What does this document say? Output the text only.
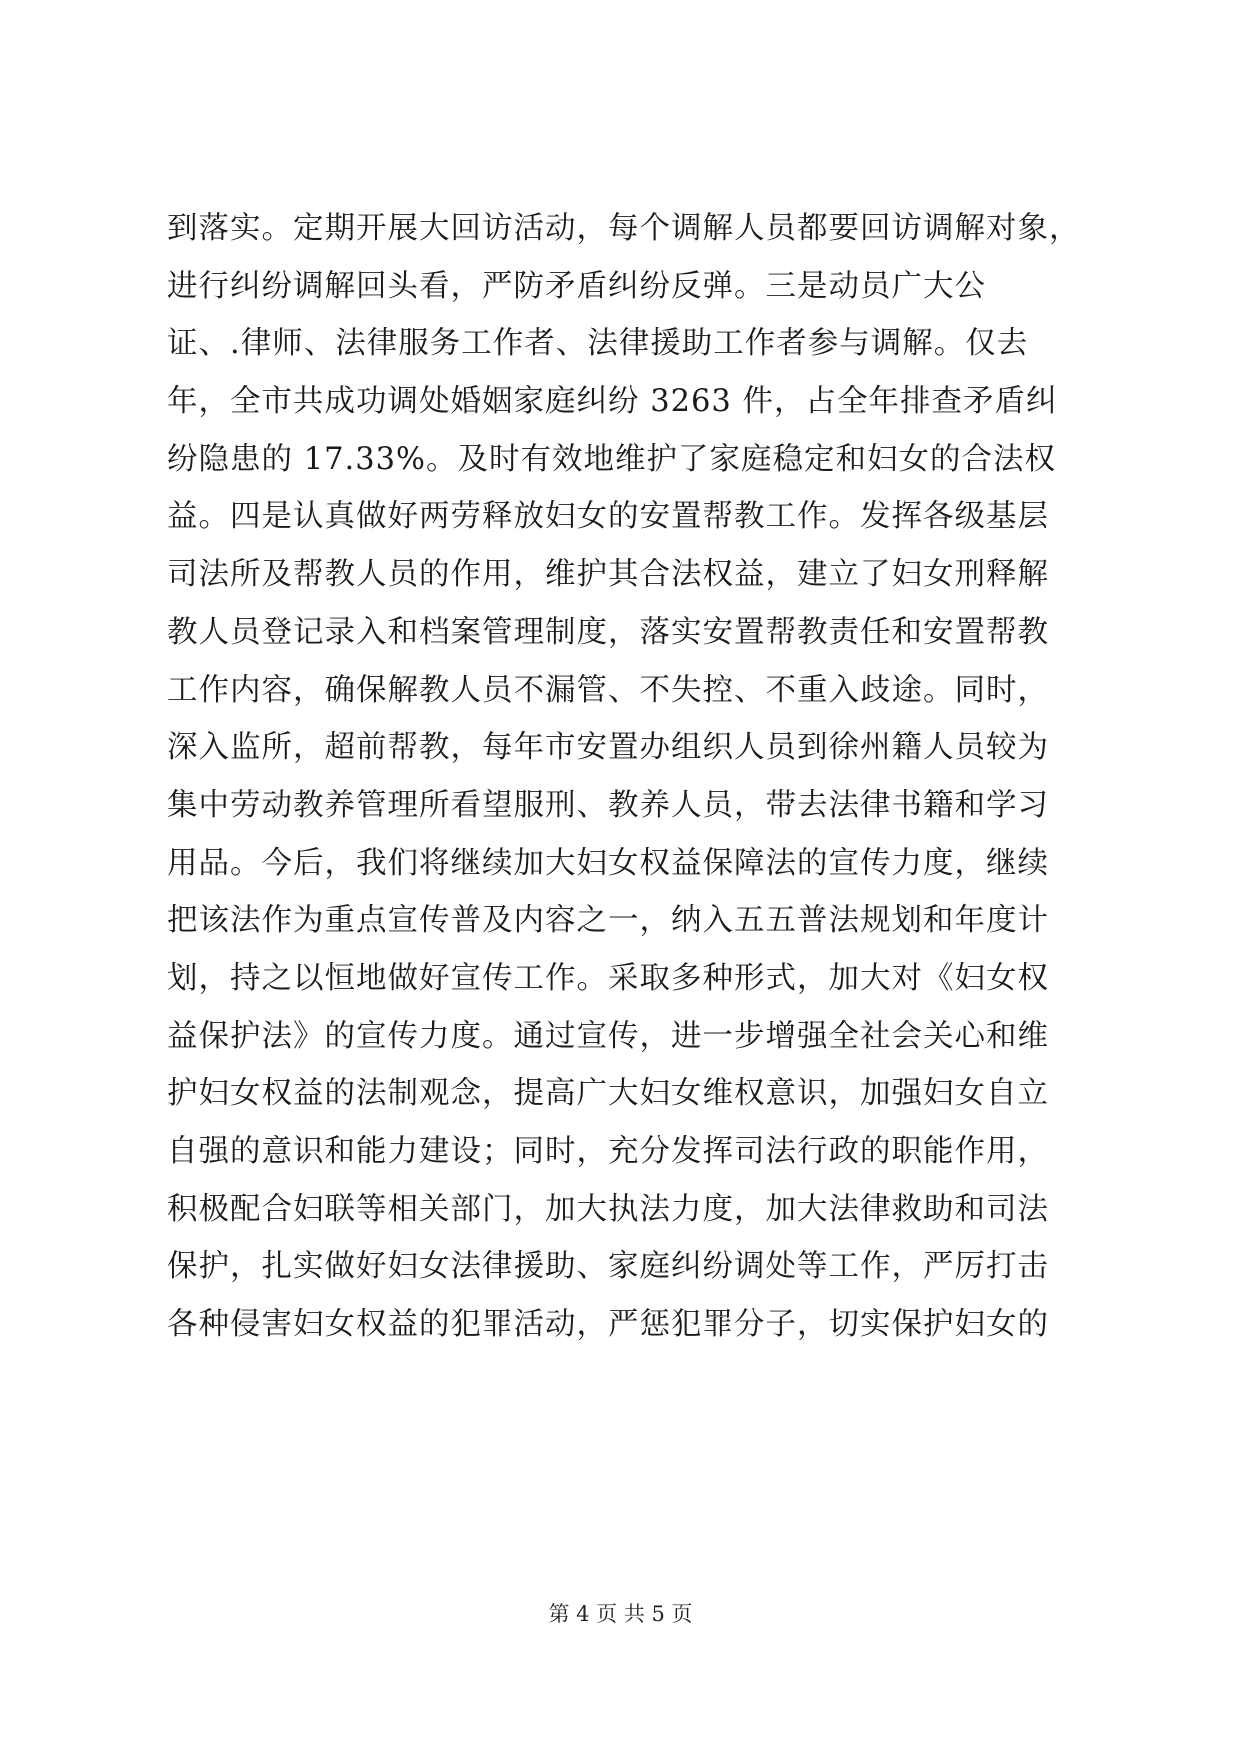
到落实。定期开展大回访活动，每个调解人员都要回访调解对象，
进行纠纷调解回头看，严防矛盾纠纷反弹。三是动员广大公
证、.律师、法律服务工作者、法律援助工作者参与调解。仅去
年，全市共成功调处婚姻家庭纠纷 3263 件，占全年排查矛盾纠
纷隐患的 17.33%。及时有效地维护了家庭稳定和妇女的合法权
益。四是认真做好两劳释放妇女的安置帮教工作。发挥各级基层
司法所及帮教人员的作用，维护其合法权益，建立了妇女刑释解
教人员登记录入和档案管理制度，落实安置帮教责任和安置帮教
工作内容，确保解教人员不漏管、不失控、不重入歧途。同时，
深入监所，超前帮教，每年市安置办组织人员到徐州籍人员较为
集中劳动教养管理所看望服刑、教养人员，带去法律书籍和学习
用品。今后，我们将继续加大妇女权益保障法的宣传力度，继续
把该法作为重点宣传普及内容之一，纳入五五普法规划和年度计
划，持之以恒地做好宣传工作。采取多种形式，加大对《妇女权
益保护法》的宣传力度。通过宣传，进一步增强全社会关心和维
护妇女权益的法制观念，提高广大妇女维权意识，加强妇女自立
自强的意识和能力建设；同时，充分发挥司法行政的职能作用，
积极配合妇联等相关部门，加大执法力度，加大法律救助和司法
保护，扎实做好妇女法律援助、家庭纠纷调处等工作，严厉打击
各种侵害妇女权益的犯罪活动，严惩犯罪分子，切实保护妇女的
第 4 页 共 5 页
